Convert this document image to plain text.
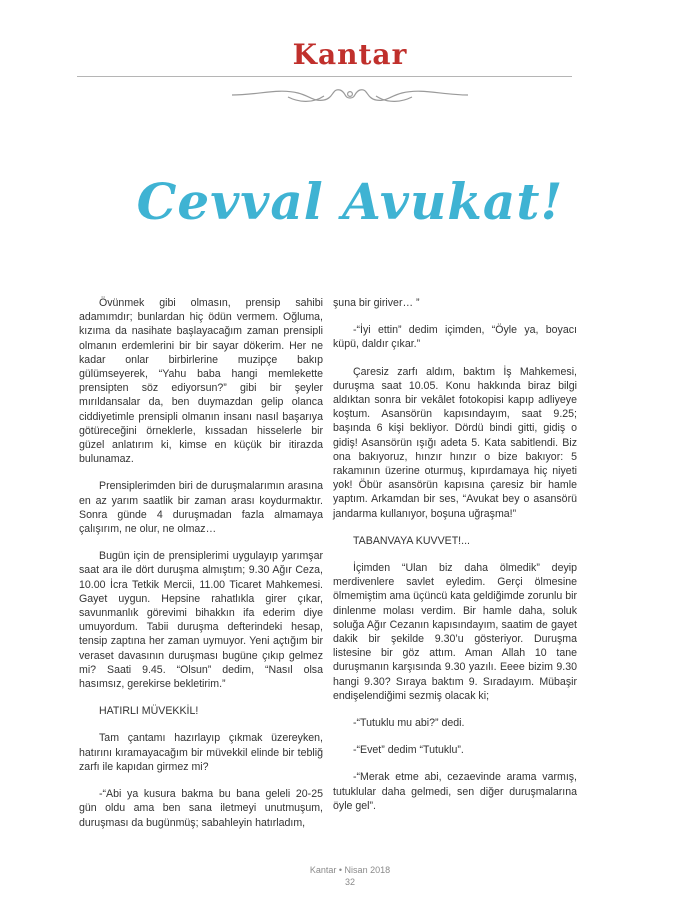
Kantar
Cevval Avukat!

Övünmek gibi olmasın, prensip sahibi adamımdır; bunlardan hiç ödün vermem. Oğluma, kızıma da nasihate başlayacağım zaman prensipli olmanın erdemlerini bir bir sayar dökerim. Her ne kadar onlar birbirlerine muzipçe bakıp gülümseyerek, “Yahu baba hangi memlekette prensipten söz ediyorsun?” gibi bir şeyler mırıldansalar da, ben duymazdan gelip olanca ciddiyetimle prensipli olmanın insanı nasıl başarıya götüreceğini örneklerle, kıssadan hisselerle bir güzel anlatırım ki, kimse en küçük bir itirazda bulunamaz.

Prensiplerimden biri de duruşmalarımın arasına en az yarım saatlik bir zaman arası koydurmaktır. Sonra günde 4 duruşmadan fazla almamaya çalışırım, ne olur, ne olmaz…

Bugün için de prensiplerimi uygulayıp yarımşar saat ara ile dört duruşma almıştım; 9.30 Ağır Ceza, 10.00 İcra Tetkik Mercii, 11.00 Ticaret Mahkemesi. Gayet uygun. Hepsine rahatlıkla girer çıkar, savunmanlık görevimi bihakkın ifa ederim diye umuyordum. Tabii duruşma defterindeki hesap, tensip zaptına her zaman uymuyor. Yeni açtığım bir veraset davasının duruşması bugüne çıkıp gelmez mi? Saati 9.45. “Olsun” dedim, “Nasıl olsa hasımsız, gerekirse bekletirim.”

HATIRLI MÜVEKKİL!

Tam çantamı hazırlayıp çıkmak üzereyken, hatırını kıramayacağım bir müvekkil elinde bir tebliğ zarfı ile kapıdan girmez mi?

-“Abi ya kusura bakma bu bana geleli 20-25 gün oldu ama ben sana iletmeyi unutmuşum, duruşması da bugünmüş; sabahleyin hatırladım,

şuna bir giriver… ”

-“İyi ettin” dedim içimden, “Öyle ya, boyacı küpü, daldır çıkar.”

Çaresiz zarfı aldım, baktım İş Mahkemesi, duruşma saat 10.05. Konu hakkında biraz bilgi aldıktan sonra bir vekâlet fotokopisi kapıp adliyeye koştum. Asansörün kapısındayım, saat 9.25; başında 6 kişi bekliyor. Dördü bindi gitti, gidiş o gidiş! Asansörün ışığı adeta 5. Kata sabitlendi. Biz ona bakıyoruz, hınzır hınzır o bize bakıyor: 5 rakamının üzerine oturmuş, kıpırdamaya hiç niyeti yok! Öbür asansörün kapısına çaresiz bir hamle yaptım. Arkamdan bir ses, “Avukat bey o asansörü jandarma kullanıyor, boşuna uğraşma!”

TABANVAYA KUVVET!...

İçimden “Ulan biz daha ölmedik” deyip merdivenlere savlet eyledim. Gerçi ölmesine ölmemiştim ama üçüncü kata geldiğimde zorunlu bir dinlenme molası verdim. Bir hamle daha, soluk soluğa Ağır Cezanın kapısındayım, saatim de gayet dakik bir şekilde 9.30’u gösteriyor. Duruşma listesine bir göz attım. Aman Allah 10 tane duruşmanın karşısında 9.30 yazılı. Eeee bizim 9.30 hangi 9.30? Sıraya baktım 9. Sıradayım. Mübaşir endişelendiğimi sezmiş olacak ki;

-“Tutuklu mu abi?” dedi.

-“Evet” dedim “Tutuklu”.

-“Merak etme abi, cezaevinde arama varmış, tutuklular daha gelmedi, sen diğer duruşmalarına öyle gel”.

Kantar • Nisan 2018
32
